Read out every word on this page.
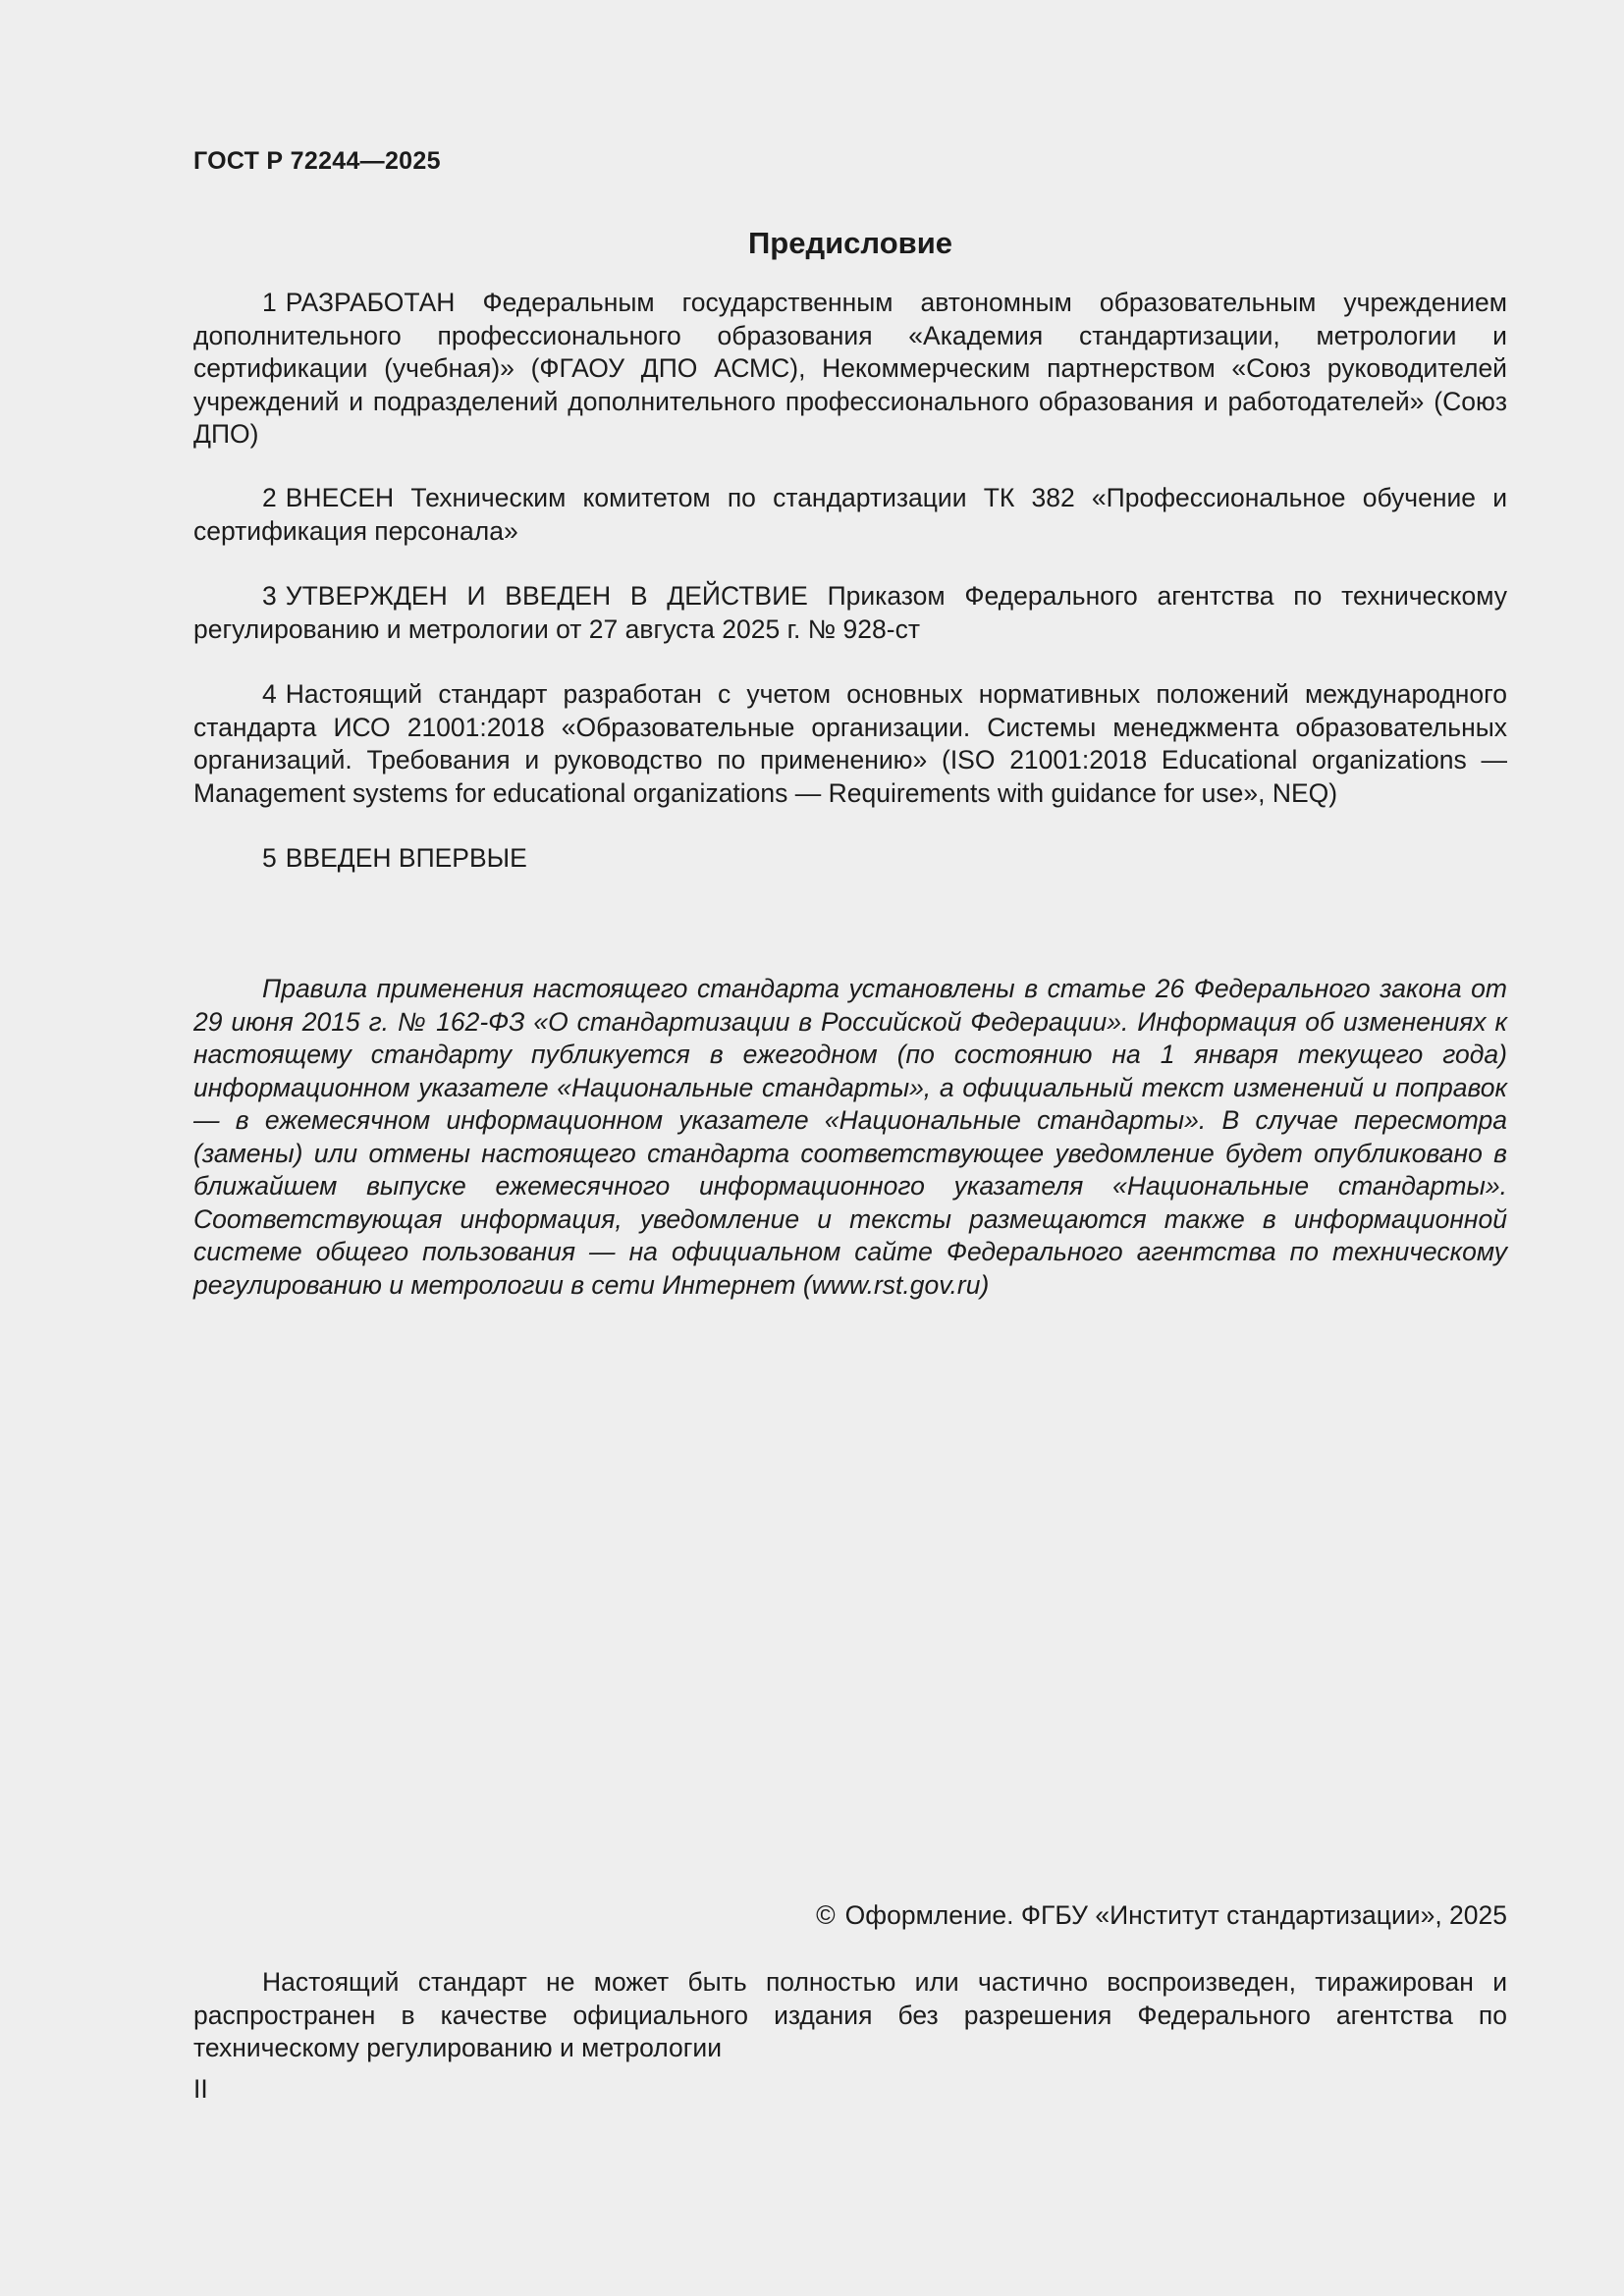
ГОСТ Р 72244—2025
Предисловие

1 РАЗРАБОТАН Федеральным государственным автономным образовательным учреждением дополнительного профессионального образования «Академия стандартизации, метрологии и сертификации (учебная)» (ФГАОУ ДПО АСМС), Некоммерческим партнерством «Союз руководителей учреждений и подразделений дополнительного профессионального образования и работодателей» (Союз ДПО)

2 ВНЕСЕН Техническим комитетом по стандартизации ТК 382 «Профессиональное обучение и сертификация персонала»

3 УТВЕРЖДЕН И ВВЕДЕН В ДЕЙСТВИЕ Приказом Федерального агентства по техническому регулированию и метрологии от 27 августа 2025 г. № 928-ст

4 Настоящий стандарт разработан с учетом основных нормативных положений международного стандарта ИСО 21001:2018 «Образовательные организации. Системы менеджмента образовательных организаций. Требования и руководство по применению» (ISO 21001:2018 Educational organizations — Management systems for educational organizations — Requirements with guidance for use», NEQ)

5 ВВЕДЕН ВПЕРВЫЕ

Правила применения настоящего стандарта установлены в статье 26 Федерального закона от 29 июня 2015 г. № 162-ФЗ «О стандартизации в Российской Федерации». Информация об изменениях к настоящему стандарту публикуется в ежегодном (по состоянию на 1 января текущего года) информационном указателе «Национальные стандарты», а официальный текст изменений и поправок — в ежемесячном информационном указателе «Национальные стандарты». В случае пересмотра (замены) или отмены настоящего стандарта соответствующее уведомление будет опубликовано в ближайшем выпуске ежемесячного информационного указателя «Национальные стандарты». Соответствующая информация, уведомление и тексты размещаются также в информационной системе общего пользования — на официальном сайте Федерального агентства по техническому регулированию и метрологии в сети Интернет (www.rst.gov.ru)

© Оформление. ФГБУ «Институт стандартизации», 2025

Настоящий стандарт не может быть полностью или частично воспроизведен, тиражирован и распространен в качестве официального издания без разрешения Федерального агентства по техническому регулированию и метрологии

II
